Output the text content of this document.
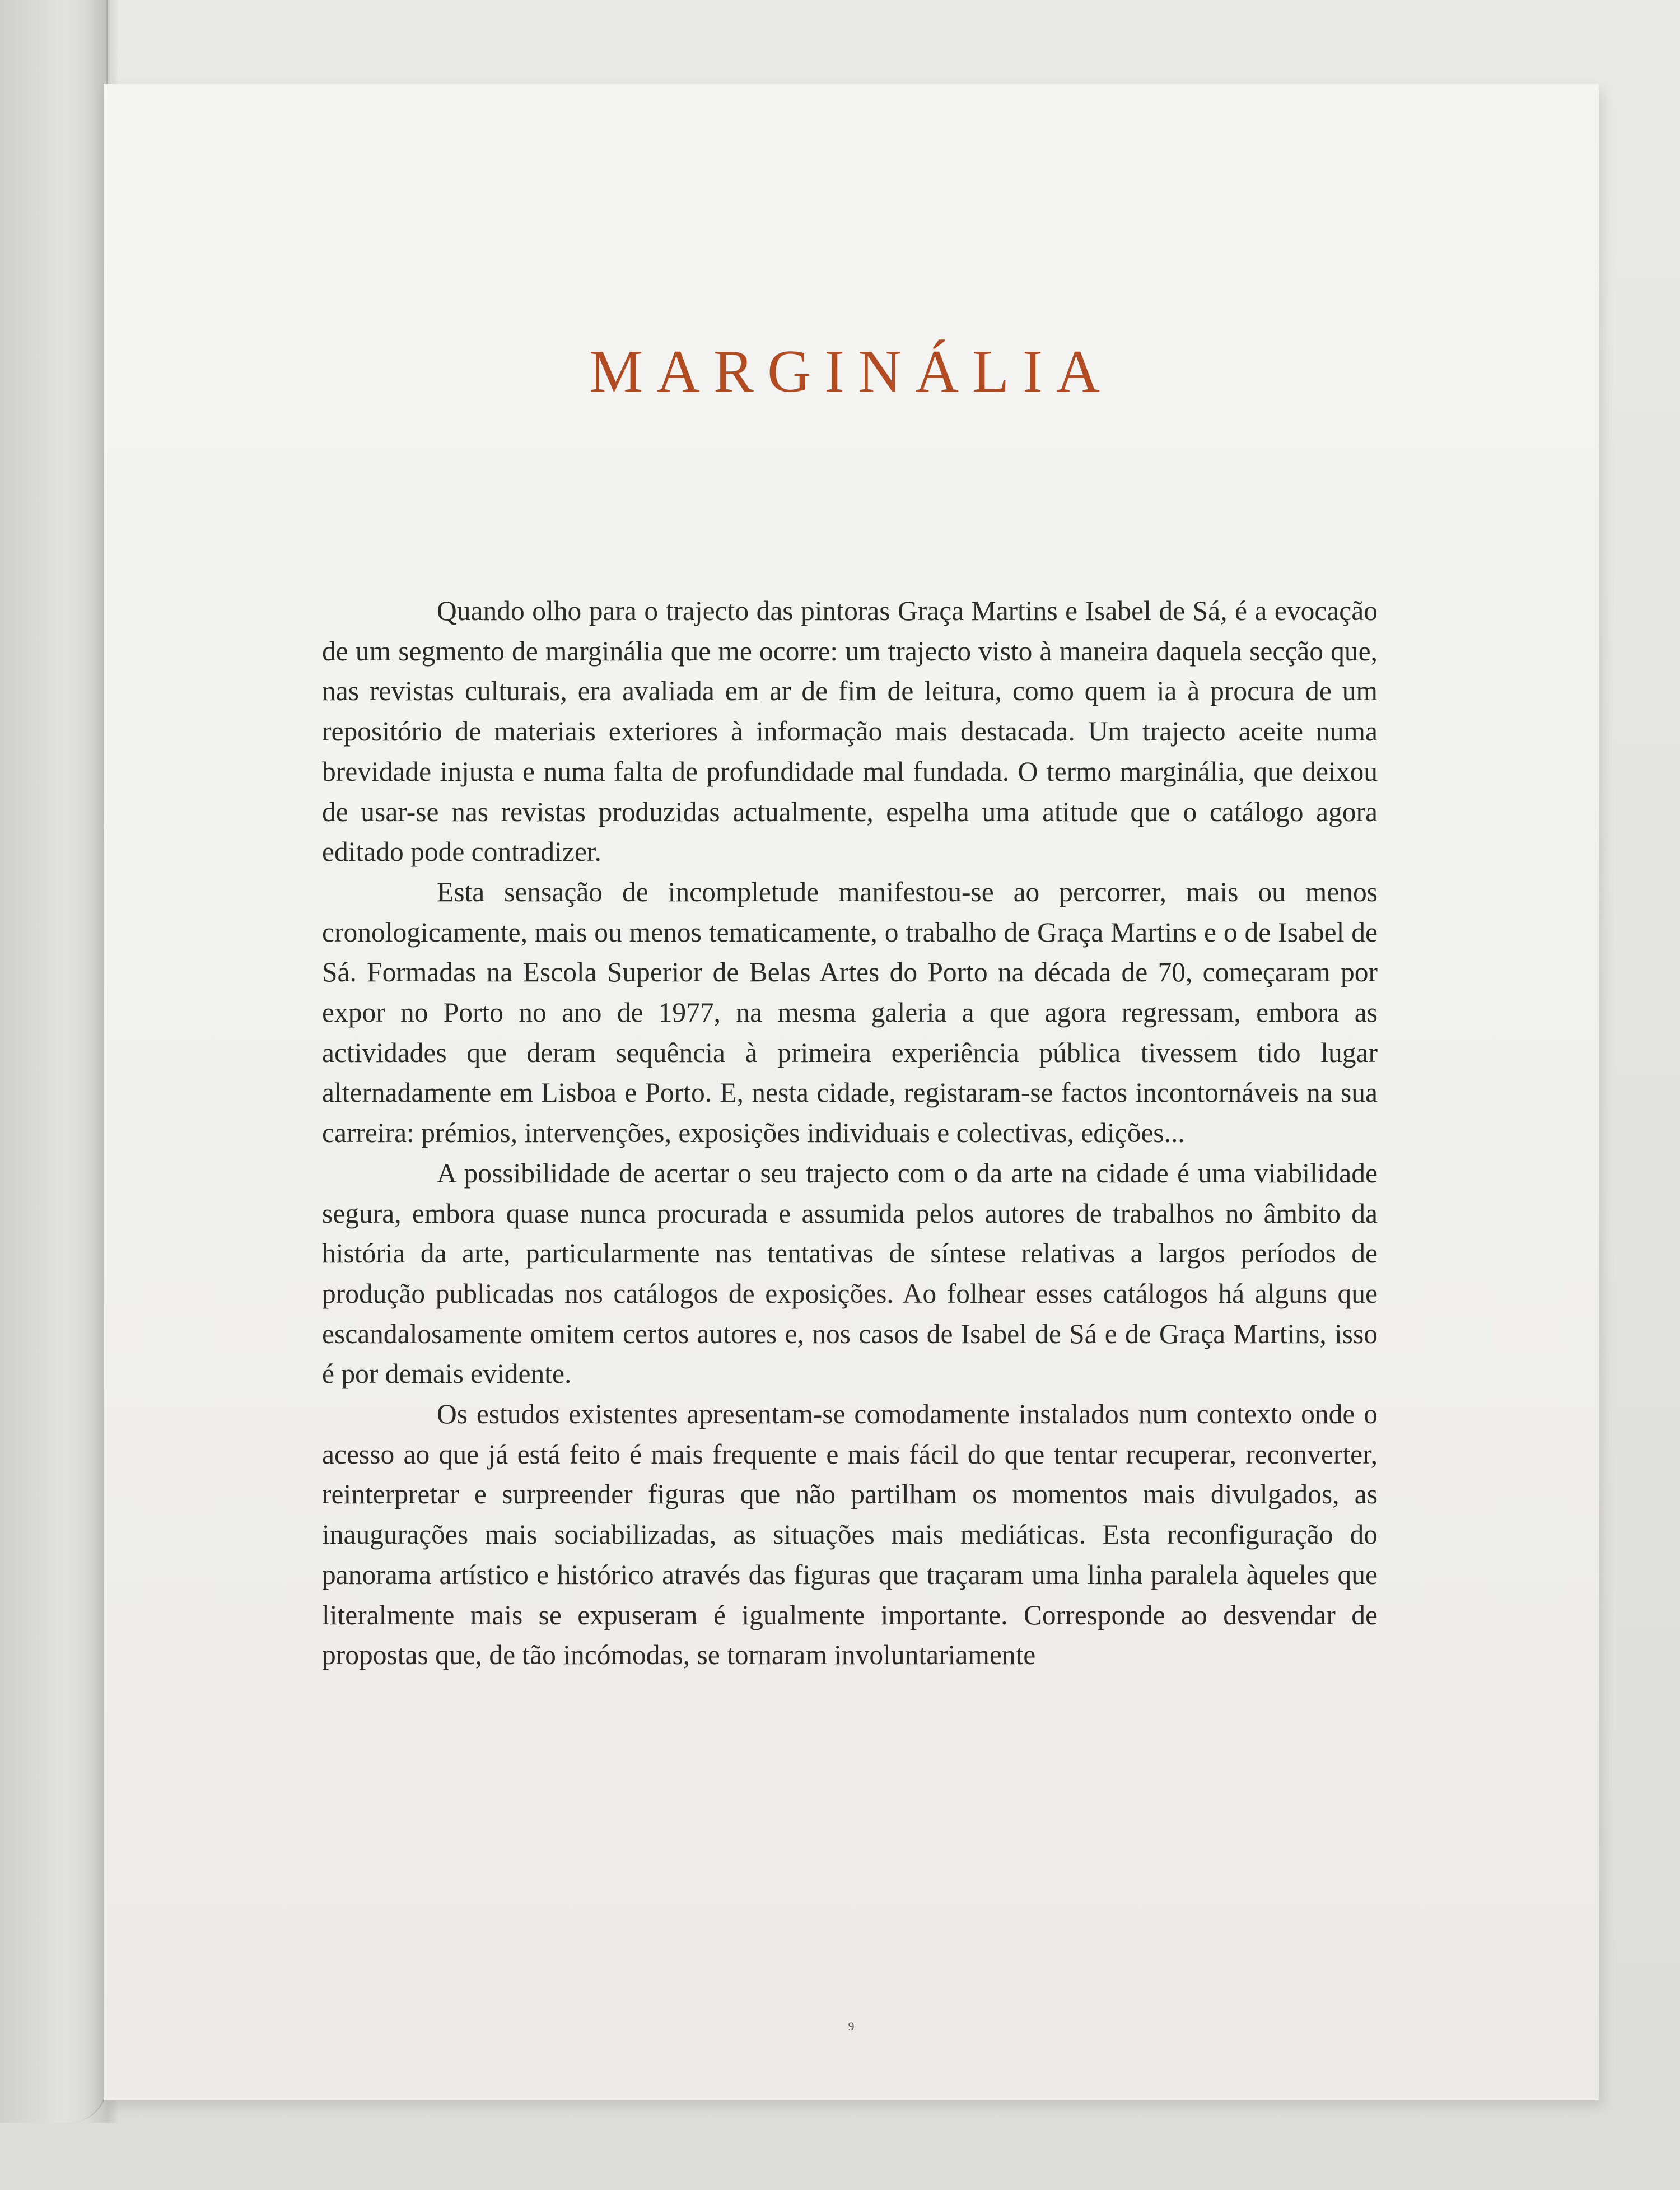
MARGINÁLIA

Quando olho para o trajecto das pintoras Graça Martins e Isabel de Sá, é a evocação de um segmento de marginália que me ocorre: um trajecto visto à maneira daquela secção que, nas revistas culturais, era avaliada em ar de fim de leitura, como quem ia à procura de um repositório de materiais exteriores à informação mais destacada. Um trajecto aceite numa brevidade injusta e numa falta de profundidade mal fundada. O termo marginália, que deixou de usar-se nas revistas produzidas actualmente, espelha uma atitude que o catálogo agora editado pode contradizer.

Esta sensação de incompletude manifestou-se ao percorrer, mais ou menos cronologicamente, mais ou menos tematicamente, o trabalho de Graça Martins e o de Isabel de Sá. Formadas na Escola Superior de Belas Artes do Porto na década de 70, começaram por expor no Porto no ano de 1977, na mesma galeria a que agora regressam, embora as actividades que deram sequência à primeira experiência pública tivessem tido lugar alternadamente em Lisboa e Porto. E, nesta cidade, registaram-se factos incontornáveis na sua carreira: prémios, intervenções, exposições individuais e colectivas, edições...

A possibilidade de acertar o seu trajecto com o da arte na cidade é uma viabilidade segura, embora quase nunca procurada e assumida pelos autores de trabalhos no âmbito da história da arte, particularmente nas tentativas de síntese relativas a largos períodos de produção publicadas nos catálogos de exposições. Ao folhear esses catálogos há alguns que escandalosamente omitem certos autores e, nos casos de Isabel de Sá e de Graça Martins, isso é por demais evidente.

Os estudos existentes apresentam-se comodamente instalados num contexto onde o acesso ao que já está feito é mais frequente e mais fácil do que tentar recuperar, reconverter, reinterpretar e surpreender figuras que não partilham os momentos mais divulgados, as inaugurações mais sociabilizadas, as situações mais mediáticas. Esta reconfiguração do panorama artístico e histórico através das figuras que traçaram uma linha paralela àqueles que literalmente mais se expuseram é igualmente importante. Corresponde ao desvendar de propostas que, de tão incómodas, se tornaram involuntariamente

9
